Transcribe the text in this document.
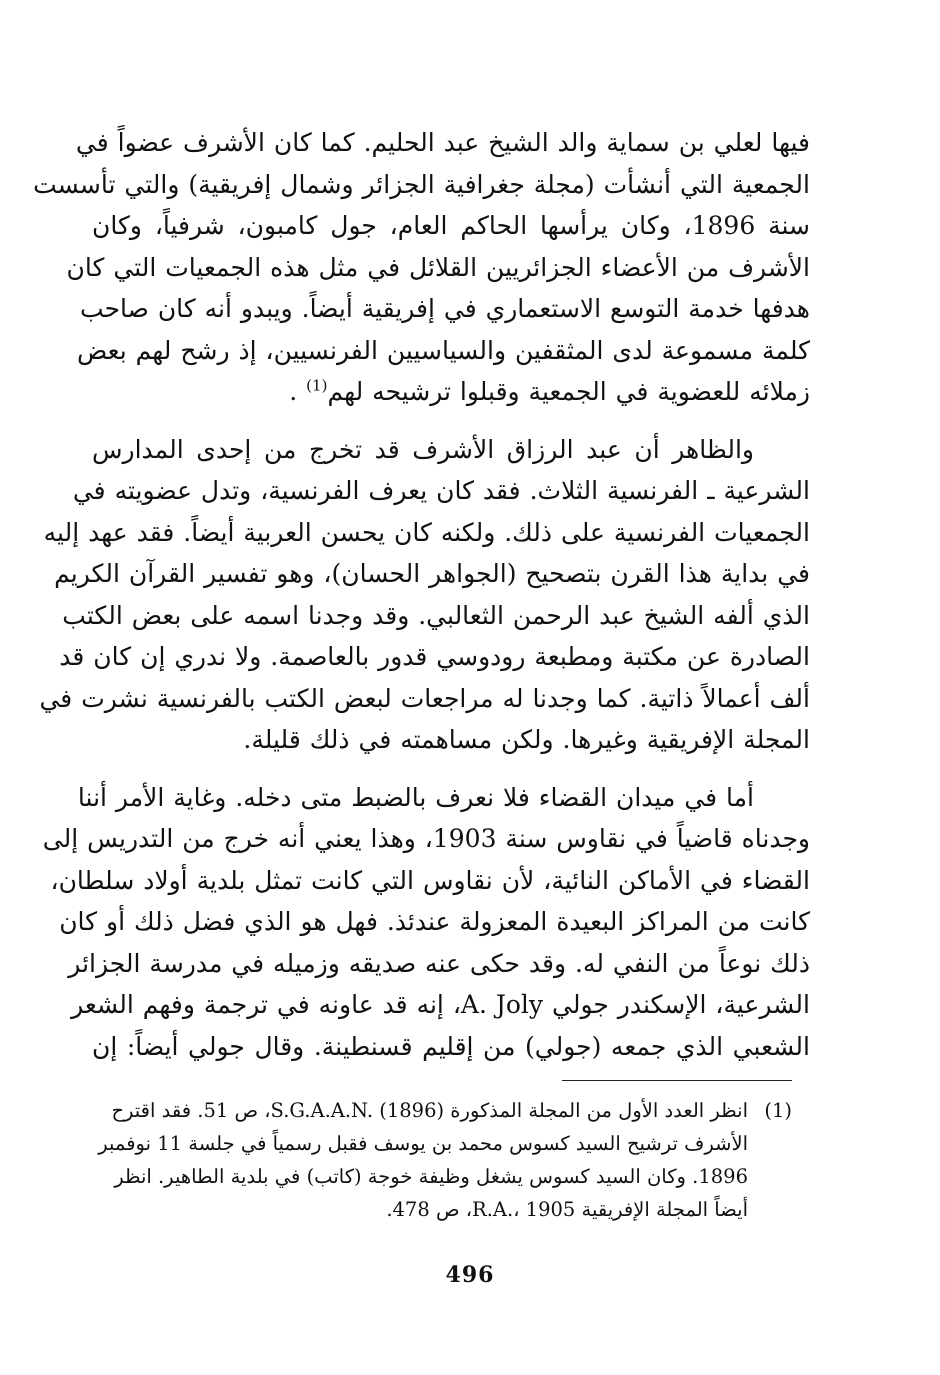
فيها لعلي بن سماية والد الشيخ عبد الحليم. كما كان الأشرف عضواً في
الجمعية التي أنشأت (مجلة جغرافية الجزائر وشمال إفريقية) والتي تأسست
سنة 1896، وكان يرأسها الحاكم العام، جول كامبون، شرفياً، وكان
الأشرف من الأعضاء الجزائريين القلائل في مثل هذه الجمعيات التي كان
هدفها خدمة التوسع الاستعماري في إفريقية أيضاً. ويبدو أنه كان صاحب
كلمة مسموعة لدى المثقفين والسياسيين الفرنسيين، إذ رشح لهم بعض
زملائه للعضوية في الجمعية وقبلوا ترشيحه لهم$^{(1)}$ .

والظاهر أن عبد الرزاق الأشرف قد تخرج من إحدى المدارس
الشرعية ـ الفرنسية الثلاث. فقد كان يعرف الفرنسية، وتدل عضويته في
الجمعيات الفرنسية على ذلك. ولكنه كان يحسن العربية أيضاً. فقد عهد إليه
في بداية هذا القرن بتصحيح (الجواهر الحسان)، وهو تفسير القرآن الكريم
الذي ألفه الشيخ عبد الرحمن الثعالبي. وقد وجدنا اسمه على بعض الكتب
الصادرة عن مكتبة ومطبعة رودوسي قدور بالعاصمة. ولا ندري إن كان قد
ألف أعمالاً ذاتية. كما وجدنا له مراجعات لبعض الكتب بالفرنسية نشرت في
المجلة الإفريقية وغيرها. ولكن مساهمته في ذلك قليلة.

أما في ميدان القضاء فلا نعرف بالضبط متى دخله. وغاية الأمر أننا
وجدناه قاضياً في نقاوس سنة 1903، وهذا يعني أنه خرج من التدريس إلى
القضاء في الأماكن النائية، لأن نقاوس التي كانت تمثل بلدية أولاد سلطان،
كانت من المراكز البعيدة المعزولة عندئذ. فهل هو الذي فضل ذلك أو كان
ذلك نوعاً من النفي له. وقد حكى عنه صديقه وزميله في مدرسة الجزائر
الشرعية، الإسكندر جولي A. Joly، إنه قد عاونه في ترجمة وفهم الشعر
الشعبي الذي جمعه (جولي) من إقليم قسنطينة. وقال جولي أيضاً: إن

(1)
انظر العدد الأول من المجلة المذكورة S.G.A.A.N. (1896)، ص 51. فقد اقترح
الأشرف ترشيح السيد كسوس محمد بن يوسف فقبل رسمياً في جلسة 11 نوفمبر
1896. وكان السيد كسوس يشغل وظيفة خوجة (كاتب) في بلدية الطاهير. انظر
أيضاً المجلة الإفريقية R.A.، 1905، ص 478.
496
